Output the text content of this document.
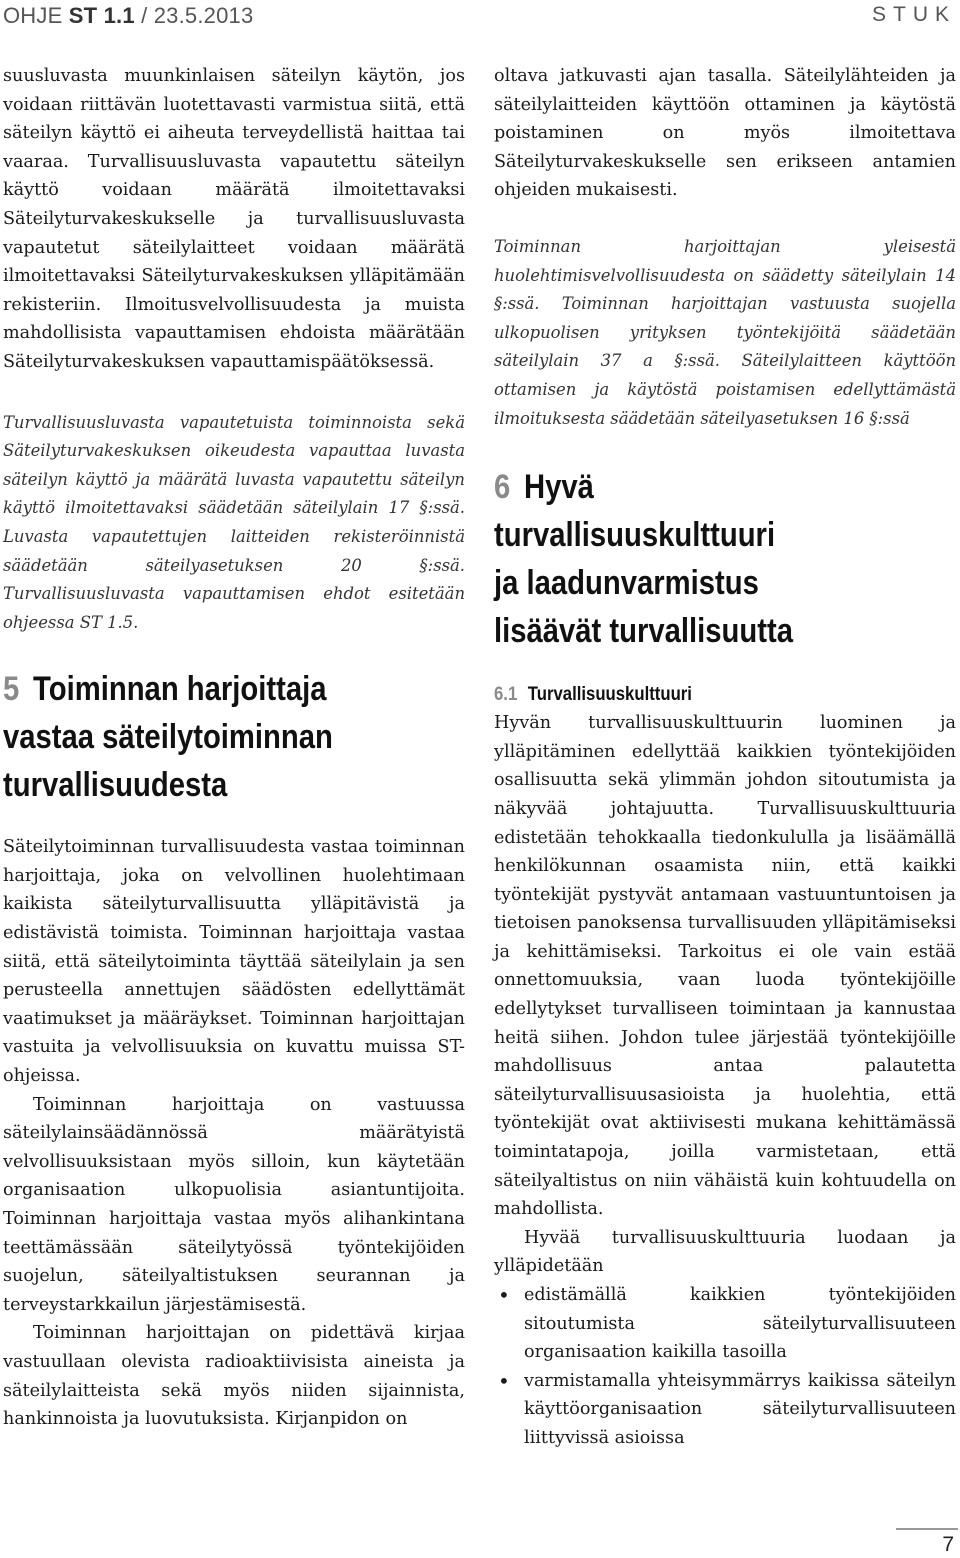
OHJE ST 1.1 / 23.5.2013	STUK

suusluvasta muunkinlaisen säteilyn käytön, jos voidaan riittävän luotettavasti varmistua siitä, että säteilyn käyttö ei aiheuta terveydellistä haittaa tai vaaraa. Turvallisuusluvasta vapautettu säteilyn käyttö voidaan määrätä ilmoitettavaksi Säteilyturvakeskukselle ja turvallisuusluvasta vapautetut säteilylaitteet voidaan määrätä ilmoitettavaksi Säteilyturvakeskuksen ylläpitämään rekisteriin. Ilmoitusvelvollisuudesta ja muista mahdollisista vapauttamisen ehdoista määrätään Säteilyturvakeskuksen vapauttamispäätöksessä.

Turvallisuusluvasta vapautetuista toiminnoista sekä Säteilyturvakeskuksen oikeudesta vapauttaa luvasta säteilyn käyttö ja määrätä luvasta vapautettu säteilyn käyttö ilmoitettavaksi säädetään säteilylain 17 §:ssä. Luvasta vapautettujen laitteiden rekisteröinnistä säädetään säteilyasetuksen 20 §:ssä. Turvallisuusluvasta vapauttamisen ehdot esitetään ohjeessa ST 1.5.

5 Toiminnan harjoittaja
vastaa säteilytoiminnan
turvallisuudesta

Säteilytoiminnan turvallisuudesta vastaa toiminnan harjoittaja, joka on velvollinen huolehtimaan kaikista säteilyturvallisuutta ylläpitävistä ja edistävistä toimista. Toiminnan harjoittaja vastaa siitä, että säteilytoiminta täyttää säteilylain ja sen perusteella annettujen säädösten edellyttämät vaatimukset ja määräykset. Toiminnan harjoittajan vastuita ja velvollisuuksia on kuvattu muissa ST-ohjeissa.

Toiminnan harjoittaja on vastuussa säteilylainsäädännössä määrätyistä velvollisuuksistaan myös silloin, kun käytetään organisaation ulkopuolisia asiantuntijoita. Toiminnan harjoittaja vastaa myös alihankintana teettämässään säteilytyössä työntekijöiden suojelun, säteilyaltistuksen seurannan ja terveystarkkailun järjestämisestä.

Toiminnan harjoittajan on pidettävä kirjaa vastuullaan olevista radioaktiivisista aineista ja säteilylaitteista sekä myös niiden sijainnista, hankinnoista ja luovutuksista. Kirjanpidon on

oltava jatkuvasti ajan tasalla. Säteilylähteiden ja säteilylaitteiden käyttöön ottaminen ja käytöstä poistaminen on myös ilmoitettava Säteilyturvakeskukselle sen erikseen antamien ohjeiden mukaisesti.

Toiminnan harjoittajan yleisestä huolehtimisvelvollisuudesta on säädetty säteilylain 14 §:ssä. Toiminnan harjoittajan vastuusta suojella ulkopuolisen yrityksen työntekijöitä säädetään säteilylain 37 a §:ssä. Säteilylaitteen käyttöön ottamisen ja käytöstä poistamisen edellyttämästä ilmoituksesta säädetään säteilyasetuksen 16 §:ssä

6 Hyvä
turvallisuuskulttuuri
ja laadunvarmistus
lisäävät turvallisuutta
6.1 Turvallisuuskulttuuri

Hyvän turvallisuuskulttuurin luominen ja ylläpitäminen edellyttää kaikkien työntekijöiden osallisuutta sekä ylimmän johdon sitoutumista ja näkyvää johtajuutta. Turvallisuuskulttuuria edistetään tehokkaalla tiedonkululla ja lisäämällä henkilökunnan osaamista niin, että kaikki työntekijät pystyvät antamaan vastuuntuntoisen ja tietoisen panoksensa turvallisuuden ylläpitämiseksi ja kehittämiseksi. Tarkoitus ei ole vain estää onnettomuuksia, vaan luoda työntekijöille edellytykset turvalliseen toimintaan ja kannustaa heitä siihen. Johdon tulee järjestää työntekijöille mahdollisuus antaa palautetta säteilyturvallisuusasioista ja huolehtia, että työntekijät ovat aktiivisesti mukana kehittämässä toimintatapoja, joilla varmistetaan, että säteilyaltistus on niin vähäistä kuin kohtuudella on mahdollista.

Hyvää turvallisuuskulttuuria luodaan ja ylläpidetään

• edistämällä kaikkien työntekijöiden sitoutumista säteilyturvallisuuteen organisaation kaikilla tasoilla
• varmistamalla yhteisymmärrys kaikissa säteilyn käyttöorganisaation säteilyturvallisuuteen liittyvissä asioissa
7
